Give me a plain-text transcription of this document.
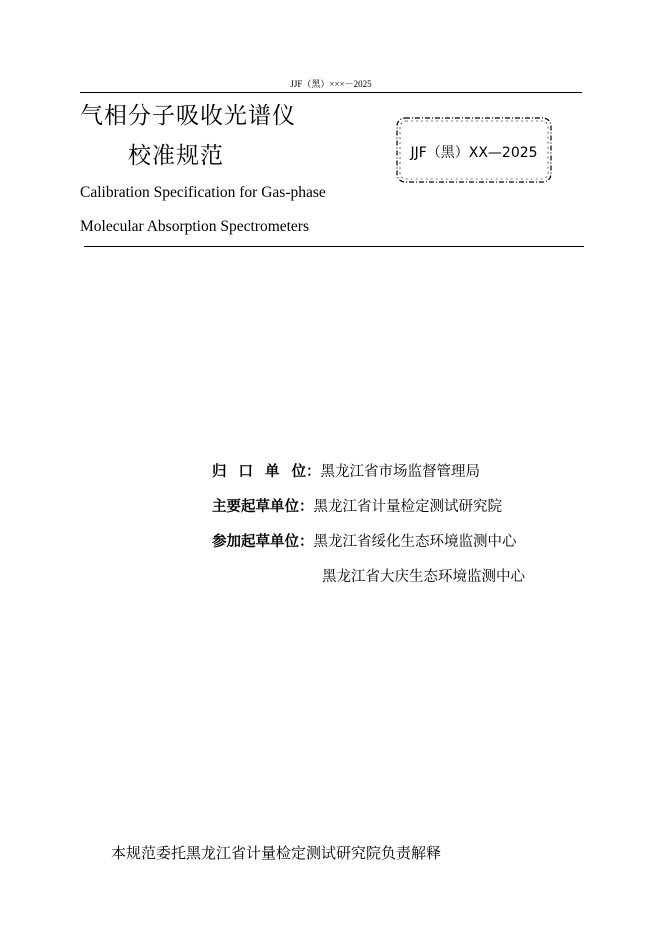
JJF（黑）×××－2025
气相分子吸收光谱仪
校准规范	JJF（黑）XX—2025
Calibration Specification for Gas-phase
Molecular Absorption Spectrometers
归 口 单 位：黑龙江省市场监督管理局
主要起草单位：黑龙江省计量检定测试研究院
参加起草单位：黑龙江省绥化生态环境监测中心
黑龙江省大庆生态环境监测中心
本规范委托黑龙江省计量检定测试研究院负责解释
